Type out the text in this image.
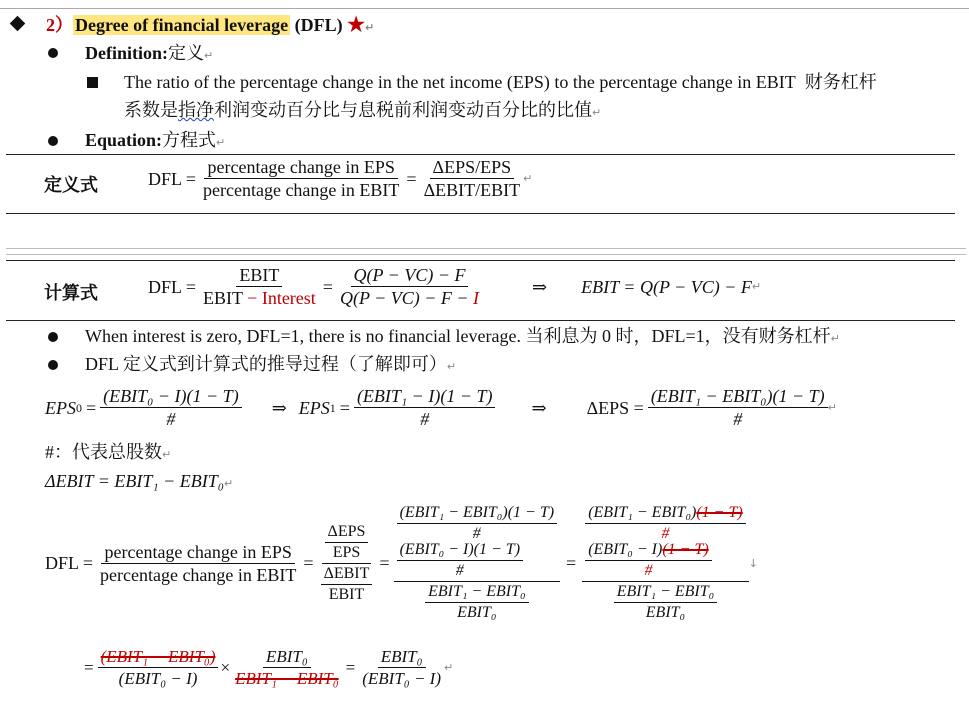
2） Degree of financial leverage (DFL) ★↵
Definition:定义↵
The ratio of the percentage change in the net income (EPS) to the percentage change in EBIT 财务杠杆
系数是指净利润变动百分比与息税前利润变动百分比的比值↵
Equation:方程式↵
定义式	DFL = $\frac{\text{percentage change in EPS}}{\text{percentage change in EBIT}} = \frac{\text{ΔEPS/EPS}}{\text{ΔEBIT/EBIT}}$ ↵
计算式	DFL = $\frac{\text{EBIT}}{\text{EBIT − Interest}} = \frac{Q(P - VC) - F}{Q(P - VC) - F - I}$	⇒ EBIT = Q(P − VC) − F ↵
When interest is zero, DFL=1, there is no financial leverage. 当利息为 0 时，DFL=1，没有财务杠杆↵
DFL 定义式到计算式的推导过程（了解即可）↵
EPS $0 = \frac{\text{(EBIT₀ − I)(1 − T)}}{\#}$ ⇒ EPS $1 = \frac{\text{(EBIT₁ − I)(1 − T)}}{\#}$ ⇒ $\Delta EPS = \frac{\text{(EBIT₁ − EBIT₀)(1 − T)}}{\#}$ ↵
#：代表总股数↵
ΔEBIT = EBIT₁ − EBIT₀↵
DFL = $\frac{\text{percentage change in EPS}}{\text{percentage change in EBIT}} = \frac{\frac{\text{ΔEPS}}{\text{EPS}}}{\frac{\text{ΔEBIT}}{\text{EBIT}}}$ =
$\frac{\text{(EBIT₁ − EBIT₀)(1 − T)}}{\#}$

$\frac{\text{(EBIT₀ − I)(1 − T)}}{\#}$
$\frac{\text{EBIT₁ − EBIT₀}}{\text{EBIT₀}}$
=
$\frac{\text{(EBIT₁ − EBIT₀)(1 − T)}}{\#}$

$\frac{\text{(EBIT₀ − I)(1 − T)}}{\#}$
$\frac{\text{EBIT₁ − EBIT₀}}{\text{EBIT₀}}$
↓
= $\frac{\text{(EBIT₁ − EBIT₀)}}{\text{(EBIT₀ − I)}} \times \frac{\text{EBIT₀}}{\text{EBIT₁ − EBIT₀}} = \frac{\text{EBIT₀}}{\text{(EBIT₀ − I)}}$ ↵
